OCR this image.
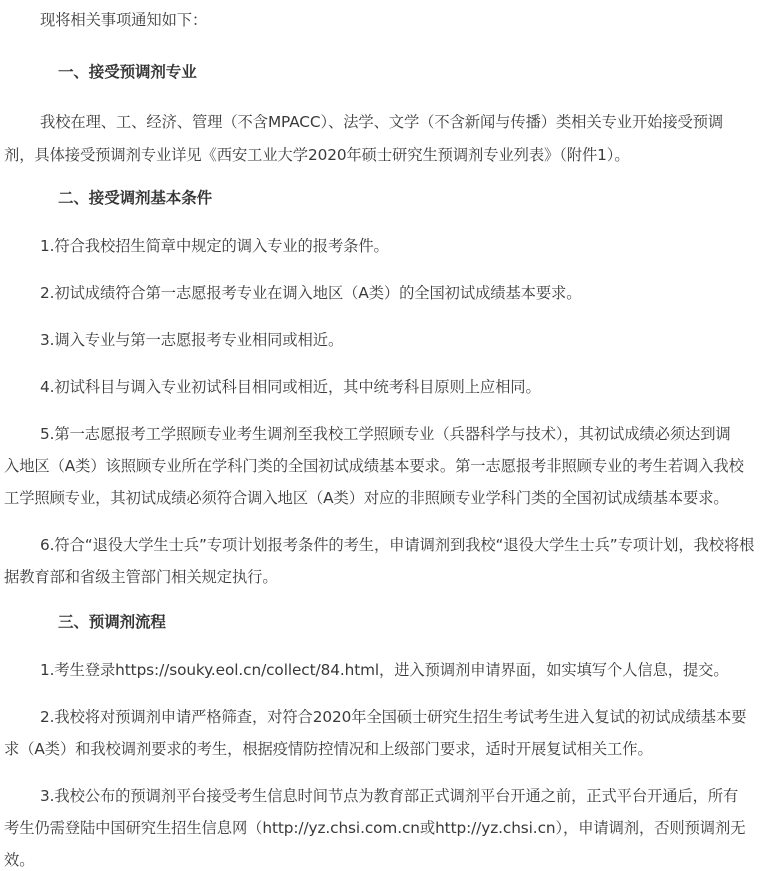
现将相关事项通知如下：
一、接受预调剂专业
我校在理、工、经济、管理（不含MPACC）、法学、文学（不含新闻与传播）类相关专业开始接受预调
剂，具体接受预调剂专业详见《西安工业大学2020年硕士研究生预调剂专业列表》（附件1）。
二、接受调剂基本条件
1.符合我校招生简章中规定的调入专业的报考条件。
2.初试成绩符合第一志愿报考专业在调入地区（A类）的全国初试成绩基本要求。
3.调入专业与第一志愿报考专业相同或相近。
4.初试科目与调入专业初试科目相同或相近，其中统考科目原则上应相同。
5.第一志愿报考工学照顾专业考生调剂至我校工学照顾专业（兵器科学与技术），其初试成绩必须达到调
入地区（A类）该照顾专业所在学科门类的全国初试成绩基本要求。第一志愿报考非照顾专业的考生若调入我校
工学照顾专业，其初试成绩必须符合调入地区（A类）对应的非照顾专业学科门类的全国初试成绩基本要求。
6.符合“退役大学生士兵”专项计划报考条件的考生，申请调剂到我校“退役大学生士兵”专项计划，我校将根
据教育部和省级主管部门相关规定执行。
三、预调剂流程
1.考生登录https://souky.eol.cn/collect/84.html，进入预调剂申请界面，如实填写个人信息，提交。
2.我校将对预调剂申请严格筛查，对符合2020年全国硕士研究生招生考试考生进入复试的初试成绩基本要
求（A类）和我校调剂要求的考生，根据疫情防控情况和上级部门要求，适时开展复试相关工作。
3.我校公布的预调剂平台接受考生信息时间节点为教育部正式调剂平台开通之前，正式平台开通后，所有
考生仍需登陆中国研究生招生信息网（http://yz.chsi.com.cn或http://yz.chsi.cn），申请调剂，否则预调剂无
效。
